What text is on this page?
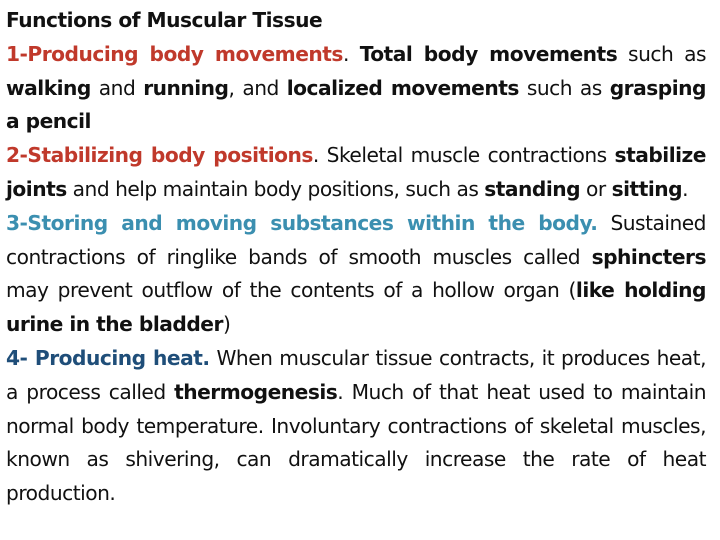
Functions of Muscular Tissue
1-Producing body movements. Total body movements such as walking and running, and localized movements such as grasping a pencil
2-Stabilizing body positions. Skeletal muscle contractions stabilize joints and help maintain body positions, such as standing or sitting.
3-Storing and moving substances within the body. Sustained contractions of ringlike bands of smooth muscles called sphincters may prevent outflow of the contents of a hollow organ (like holding urine in the bladder)
4- Producing heat. When muscular tissue contracts, it produces heat, a process called thermogenesis. Much of that heat used to maintain normal body temperature. Involuntary contractions of skeletal muscles, known as shivering, can dramatically increase the rate of heat production.
